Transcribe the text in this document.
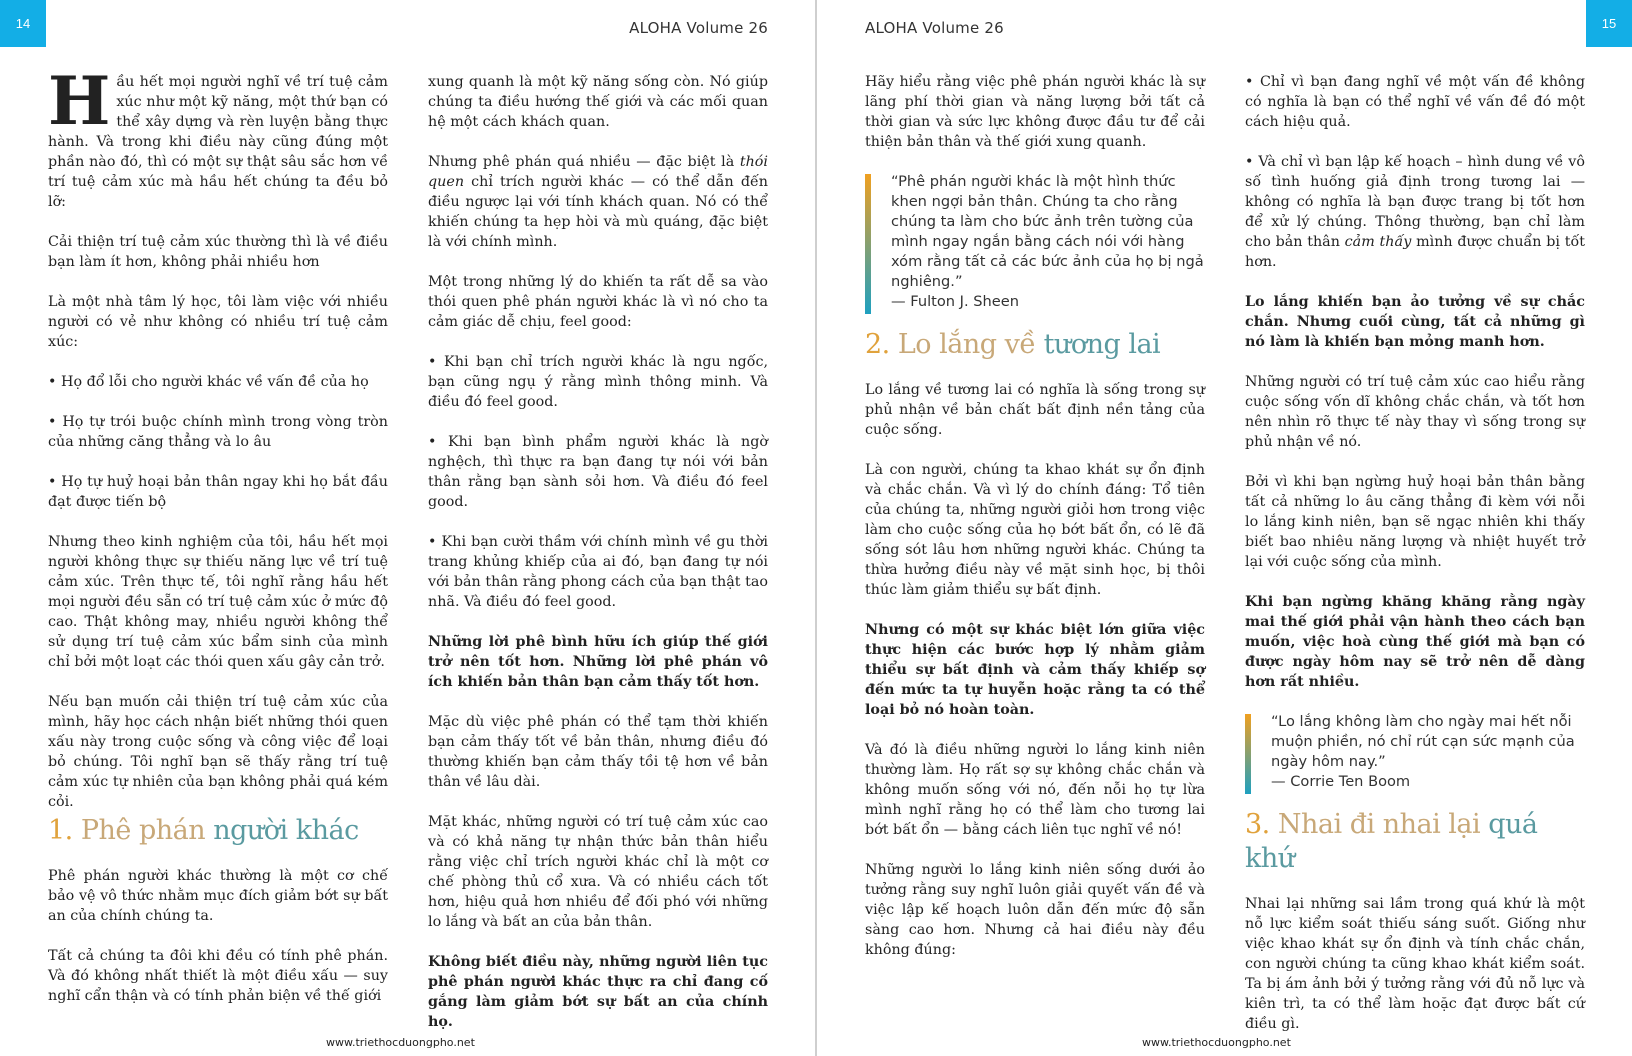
14	ALOHA Volume 26

Hầu hết mọi người nghĩ về trí tuệ cảm xúc như một kỹ năng, một thứ bạn có thể xây dựng và rèn luyện bằng thực hành. Và trong khi điều này cũng đúng một phần nào đó, thì có một sự thật sâu sắc hơn về trí tuệ cảm xúc mà hầu hết chúng ta đều bỏ lỡ:

Cải thiện trí tuệ cảm xúc thường thì là về điều bạn làm ít hơn, không phải nhiều hơn

Là một nhà tâm lý học, tôi làm việc với nhiều người có vẻ như không có nhiều trí tuệ cảm xúc:

• Họ đổ lỗi cho người khác về vấn đề của họ

• Họ tự trói buộc chính mình trong vòng tròn của những căng thẳng và lo âu

• Họ tự huỷ hoại bản thân ngay khi họ bắt đầu đạt được tiến bộ

Nhưng theo kinh nghiệm của tôi, hầu hết mọi người không thực sự thiếu năng lực về trí tuệ cảm xúc. Trên thực tế, tôi nghĩ rằng hầu hết mọi người đều sẵn có trí tuệ cảm xúc ở mức độ cao. Thật không may, nhiều người không thể sử dụng trí tuệ cảm xúc bẩm sinh của mình chỉ bởi một loạt các thói quen xấu gây cản trở.

Nếu bạn muốn cải thiện trí tuệ cảm xúc của mình, hãy học cách nhận biết những thói quen xấu này trong cuộc sống và công việc để loại bỏ chúng. Tôi nghĩ bạn sẽ thấy rằng trí tuệ cảm xúc tự nhiên của bạn không phải quá kém cỏi.

1. Phê phán người khác

Phê phán người khác thường là một cơ chế bảo vệ vô thức nhằm mục đích giảm bớt sự bất an của chính chúng ta.

Tất cả chúng ta đôi khi đều có tính phê phán. Và đó không nhất thiết là một điều xấu — suy nghĩ cẩn thận và có tính phản biện về thế giới

xung quanh là một kỹ năng sống còn. Nó giúp chúng ta điều hướng thế giới và các mối quan hệ một cách khách quan.

Nhưng phê phán quá nhiều — đặc biệt là thói quen chỉ trích người khác — có thể dẫn đến điều ngược lại với tính khách quan. Nó có thể khiến chúng ta hẹp hòi và mù quáng, đặc biệt là với chính mình.

Một trong những lý do khiến ta rất dễ sa vào thói quen phê phán người khác là vì nó cho ta cảm giác dễ chịu, feel good:

• Khi bạn chỉ trích người khác là ngu ngốc, bạn cũng ngụ ý rằng mình thông minh. Và điều đó feel good.

• Khi bạn bình phẩm người khác là ngờ nghệch, thì thực ra bạn đang tự nói với bản thân rằng bạn sành sỏi hơn. Và điều đó feel good.

• Khi bạn cười thầm với chính mình về gu thời trang khủng khiếp của ai đó, bạn đang tự nói với bản thân rằng phong cách của bạn thật tao nhã. Và điều đó feel good.

Những lời phê bình hữu ích giúp thế giới trở nên tốt hơn. Những lời phê phán vô ích khiến bản thân bạn cảm thấy tốt hơn.

Mặc dù việc phê phán có thể tạm thời khiến bạn cảm thấy tốt về bản thân, nhưng điều đó thường khiến bạn cảm thấy tồi tệ hơn về bản thân về lâu dài.

Mặt khác, những người có trí tuệ cảm xúc cao và có khả năng tự nhận thức bản thân hiểu rằng việc chỉ trích người khác chỉ là một cơ chế phòng thủ cổ xưa. Và có nhiều cách tốt hơn, hiệu quả hơn nhiều để đối phó với những lo lắng và bất an của bản thân.

Không biết điều này, những người liên tục phê phán người khác thực ra chỉ đang cố gắng làm giảm bớt sự bất an của chính họ.

www.triethocduongpho.net
15
ALOHA Volume 26

Hãy hiểu rằng việc phê phán người khác là sự lãng phí thời gian và năng lượng bởi tất cả thời gian và sức lực không được đầu tư để cải thiện bản thân và thế giới xung quanh.

“Phê phán người khác là một hình thức khen ngợi bản thân. Chúng ta cho rằng chúng ta làm cho bức ảnh trên tường của mình ngay ngắn bằng cách nói với hàng xóm rằng tất cả các bức ảnh của họ bị ngả nghiêng.”
— Fulton J. Sheen
2. Lo lắng về tương lai

Lo lắng về tương lai có nghĩa là sống trong sự phủ nhận về bản chất bất định nền tảng của cuộc sống.

Là con người, chúng ta khao khát sự ổn định và chắc chắn. Và vì lý do chính đáng: Tổ tiên của chúng ta, những người giỏi hơn trong việc làm cho cuộc sống của họ bớt bất ổn, có lẽ đã sống sót lâu hơn những người khác. Chúng ta thừa hưởng điều này về mặt sinh học, bị thôi thúc làm giảm thiểu sự bất định.

Nhưng có một sự khác biệt lớn giữa việc thực hiện các bước hợp lý nhằm giảm thiểu sự bất định và cảm thấy khiếp sợ đến mức ta tự huyễn hoặc rằng ta có thể loại bỏ nó hoàn toàn.

Và đó là điều những người lo lắng kinh niên thường làm. Họ rất sợ sự không chắc chắn và không muốn sống với nó, đến nỗi họ tự lừa mình nghĩ rằng họ có thể làm cho tương lai bớt bất ổn — bằng cách liên tục nghĩ về nó!

Những người lo lắng kinh niên sống dưới ảo tưởng rằng suy nghĩ luôn giải quyết vấn đề và việc lập kế hoạch luôn dẫn đến mức độ sẵn sàng cao hơn. Nhưng cả hai điều này đều không đúng:

• Chỉ vì bạn đang nghĩ về một vấn đề không có nghĩa là bạn có thể nghĩ về vấn đề đó một cách hiệu quả.

• Và chỉ vì bạn lập kế hoạch – hình dung về vô số tình huống giả định trong tương lai — không có nghĩa là bạn được trang bị tốt hơn để xử lý chúng. Thông thường, bạn chỉ làm cho bản thân cảm thấy mình được chuẩn bị tốt hơn.

Lo lắng khiến bạn ảo tưởng về sự chắc chắn. Nhưng cuối cùng, tất cả những gì nó làm là khiến bạn mỏng manh hơn.

Những người có trí tuệ cảm xúc cao hiểu rằng cuộc sống vốn dĩ không chắc chắn, và tốt hơn nên nhìn rõ thực tế này thay vì sống trong sự phủ nhận về nó.

Bởi vì khi bạn ngừng huỷ hoại bản thân bằng tất cả những lo âu căng thẳng đi kèm với nỗi lo lắng kinh niên, bạn sẽ ngạc nhiên khi thấy biết bao nhiêu năng lượng và nhiệt huyết trở lại với cuộc sống của mình.

Khi bạn ngừng khăng khăng rằng ngày mai thế giới phải vận hành theo cách bạn muốn, việc hoà cùng thế giới mà bạn có được ngày hôm nay sẽ trở nên dễ dàng hơn rất nhiều.

“Lo lắng không làm cho ngày mai hết nỗi muộn phiền, nó chỉ rút cạn sức mạnh của ngày hôm nay.”
— Corrie Ten Boom
3. Nhai đi nhai lại quá khứ

Nhai lại những sai lầm trong quá khứ là một nỗ lực kiểm soát thiếu sáng suốt. Giống như việc khao khát sự ổn định và tính chắc chắn, con người chúng ta cũng khao khát kiểm soát. Ta bị ám ảnh bởi ý tưởng rằng với đủ nỗ lực và kiên trì, ta có thể làm hoặc đạt được bất cứ điều gì.

www.triethocduongpho.net
